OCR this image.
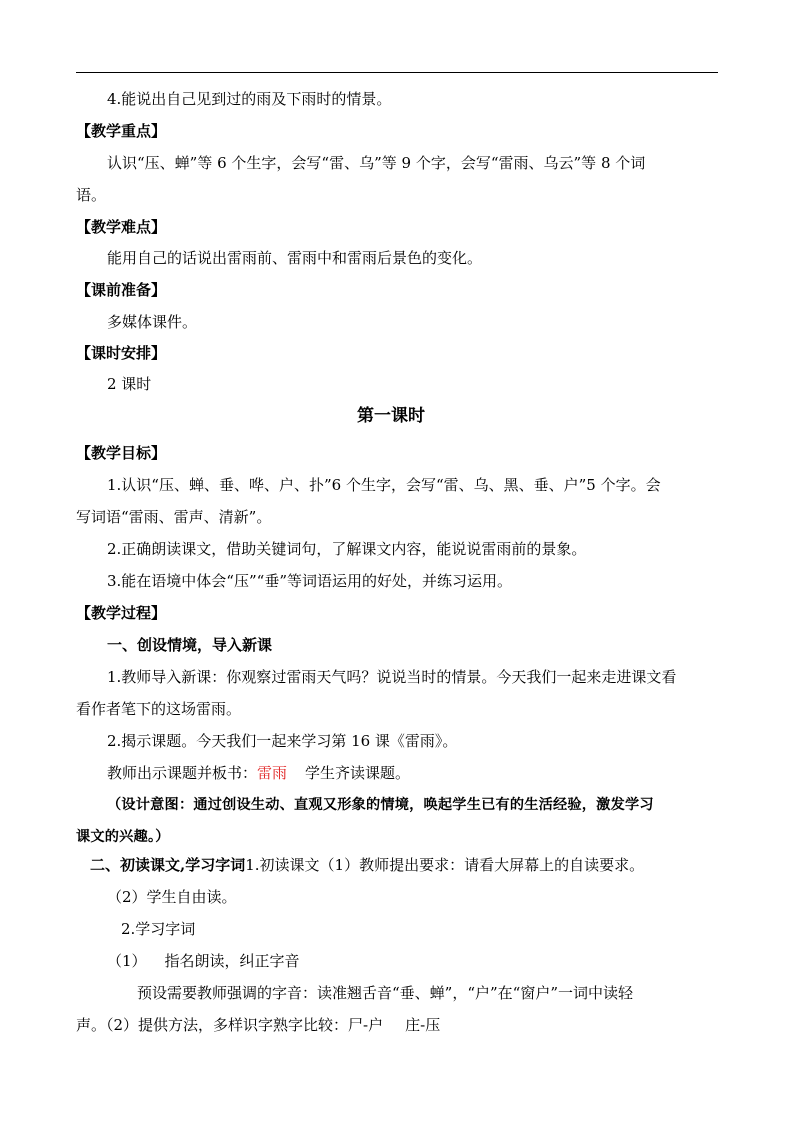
4.能说出自己见到过的雨及下雨时的情景。
【教学重点】
认识“压、蝉”等 6 个生字，会写“雷、乌”等 9 个字，会写“雷雨、乌云”等 8 个词
语。
【教学难点】
能用自己的话说出雷雨前、雷雨中和雷雨后景色的变化。
【课前准备】
多媒体课件。
【课时安排】
2 课时
第一课时
【教学目标】
1.认识“压、蝉、垂、哗、户、扑”6 个生字，会写“雷、乌、黑、垂、户”5 个字。会
写词语“雷雨、雷声、清新”。
2.正确朗读课文，借助关键词句，了解课文内容，能说说雷雨前的景象。
3.能在语境中体会“压”“垂”等词语运用的好处，并练习运用。
【教学过程】
一、创设情境，导入新课
1.教师导入新课：你观察过雷雨天气吗？说说当时的情景。今天我们一起来走进课文看
看作者笔下的这场雷雨。
2.揭示课题。今天我们一起来学习第 16 课《雷雨》。
教师出示课题并板书：雷雨 学生齐读课题。
（设计意图：通过创设生动、直观又形象的情境，唤起学生已有的生活经验，激发学习
课文的兴趣。）
二、初读课文,学习字词1.初读课文（1）教师提出要求：请看大屏幕上的自读要求。
（2）学生自由读。
2.学习字词
（1） 指名朗读，纠正字音
预设需要教师强调的字音：读准翘舌音“垂、蝉”，“户”在“窗户”一词中读轻
声。（2）提供方法，多样识字熟字比较：尸-户 庄-压
